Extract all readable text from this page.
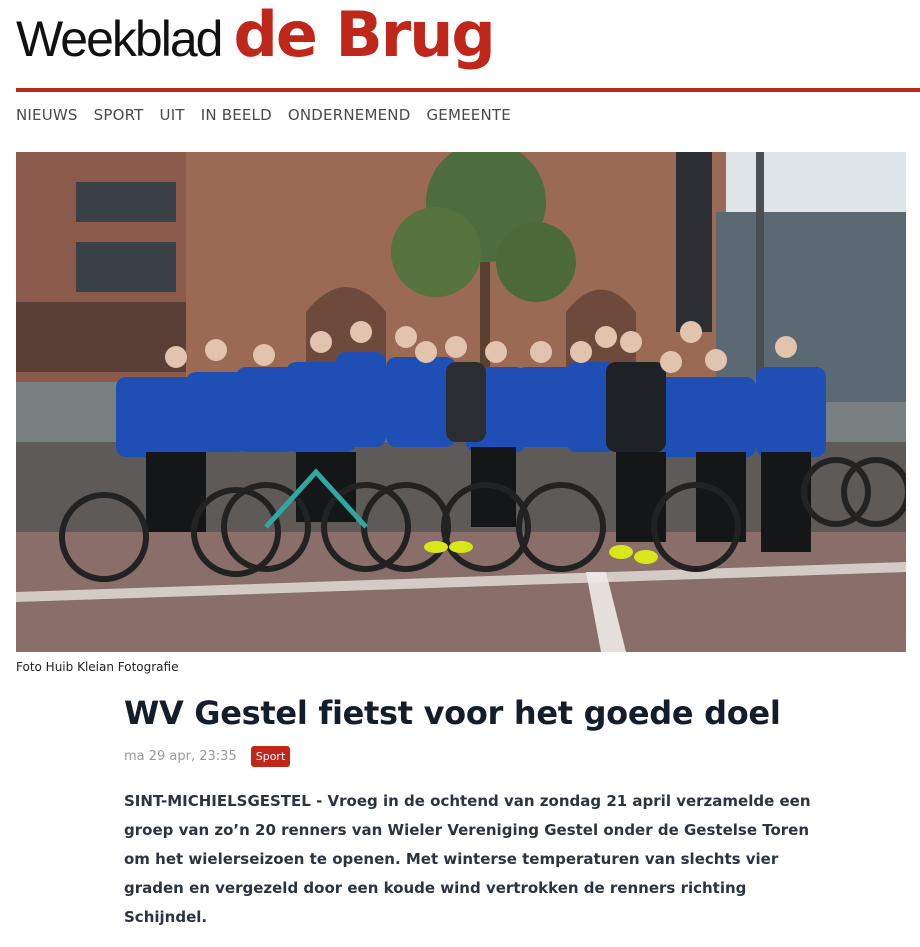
Weekblad de Brug
NIEUWS SPORT UIT IN BEELD ONDERNEMEND GEMEENTE
Foto Huib Kleian Fotografie
WV Gestel fietst voor het goede doel
ma 29 apr, 23:35	Sport

SINT-MICHIELSGESTEL - Vroeg in de ochtend van zondag 21 april verzamelde een groep van zo’n 20 renners van Wieler Vereniging Gestel onder de Gestelse Toren om het wielerseizoen te openen. Met winterse temperaturen van slechts vier graden en vergezeld door een koude wind vertrokken de renners richting Schijndel.
